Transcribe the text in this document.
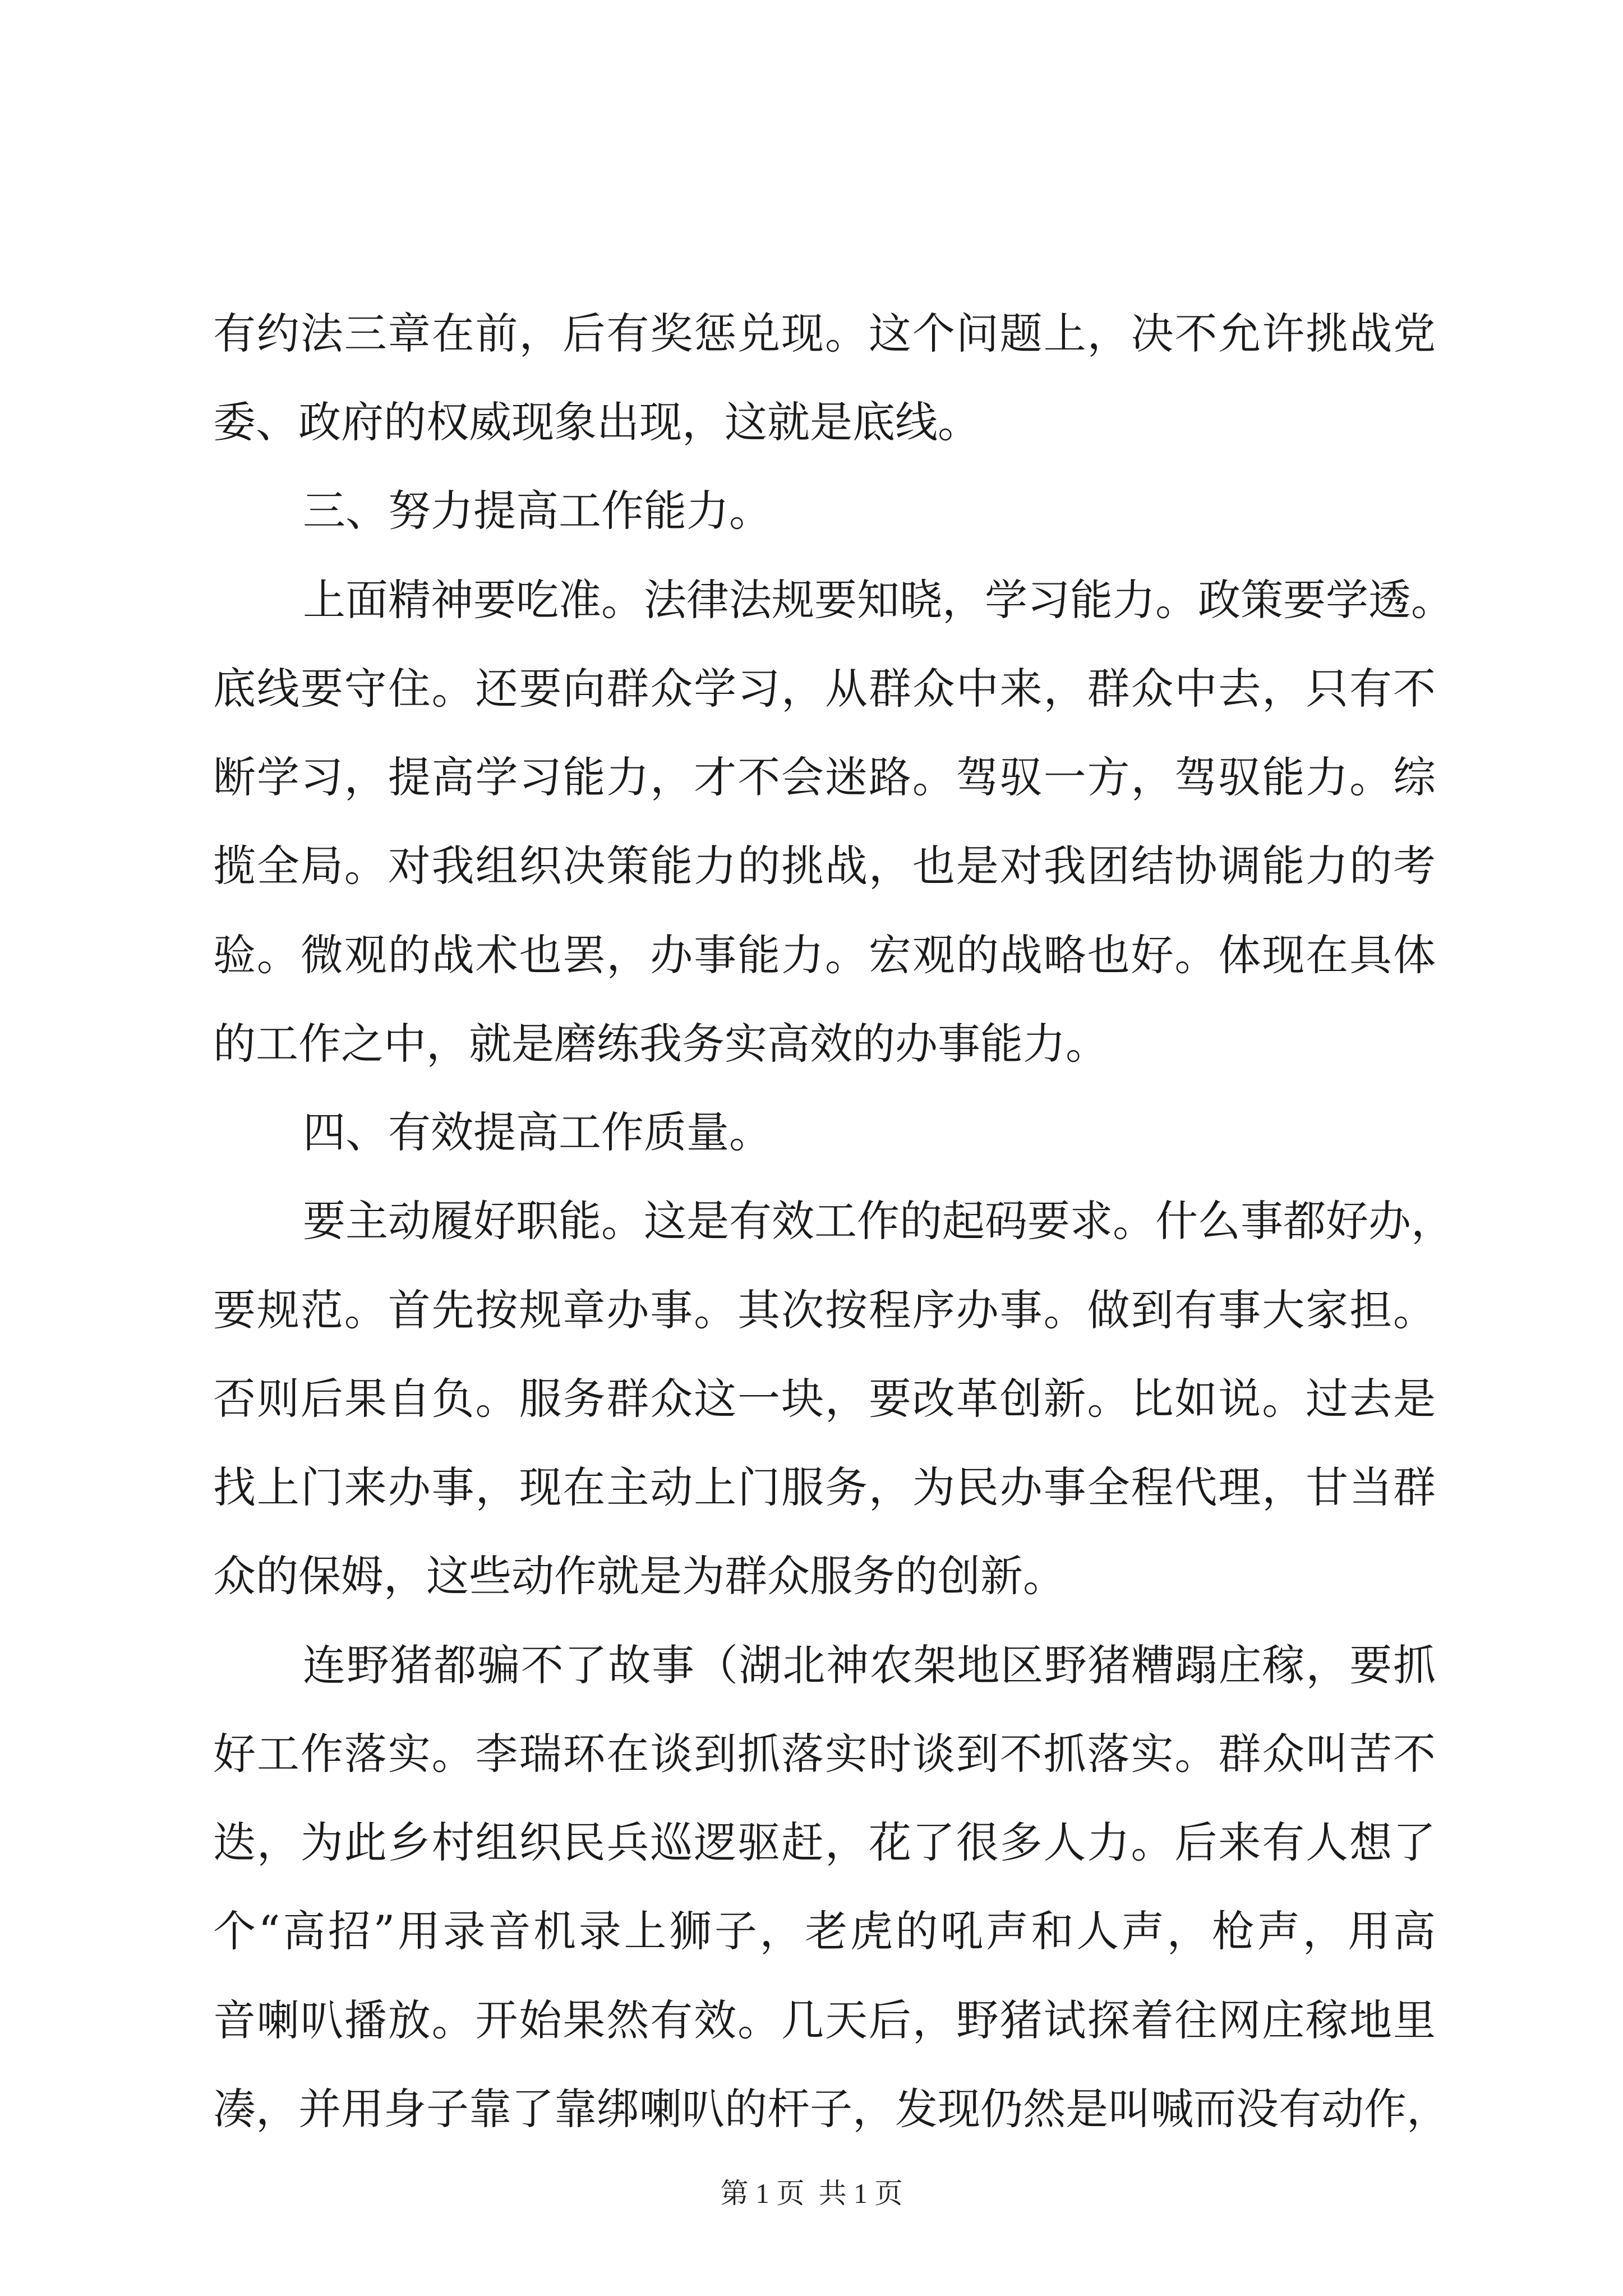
有约法三章在前，后有奖惩兑现。这个问题上，决不允许挑战党
委、政府的权威现象出现，这就是底线。
三、努力提高工作能力。
上面精神要吃准。法律法规要知晓，学习能力。政策要学透。
底线要守住。还要向群众学习，从群众中来，群众中去，只有不
断学习，提高学习能力，才不会迷路。驾驭一方，驾驭能力。综
揽全局。对我组织决策能力的挑战，也是对我团结协调能力的考
验。微观的战术也罢，办事能力。宏观的战略也好。体现在具体
的工作之中，就是磨练我务实高效的办事能力。
四、有效提高工作质量。
要主动履好职能。这是有效工作的起码要求。什么事都好办，
要规范。首先按规章办事。其次按程序办事。做到有事大家担。
否则后果自负。服务群众这一块，要改革创新。比如说。过去是
找上门来办事，现在主动上门服务，为民办事全程代理，甘当群
众的保姆，这些动作就是为群众服务的创新。
连野猪都骗不了故事（湖北神农架地区野猪糟蹋庄稼，要抓
好工作落实。李瑞环在谈到抓落实时谈到不抓落实。群众叫苦不
迭，为此乡村组织民兵巡逻驱赶，花了很多人力。后来有人想了
个“高招”用录音机录上狮子，老虎的吼声和人声，枪声，用高
音喇叭播放。开始果然有效。几天后，野猪试探着往网庄稼地里
凑，并用身子靠了靠绑喇叭的杆子，发现仍然是叫喊而没有动作，
第 1 页  共 1 页
